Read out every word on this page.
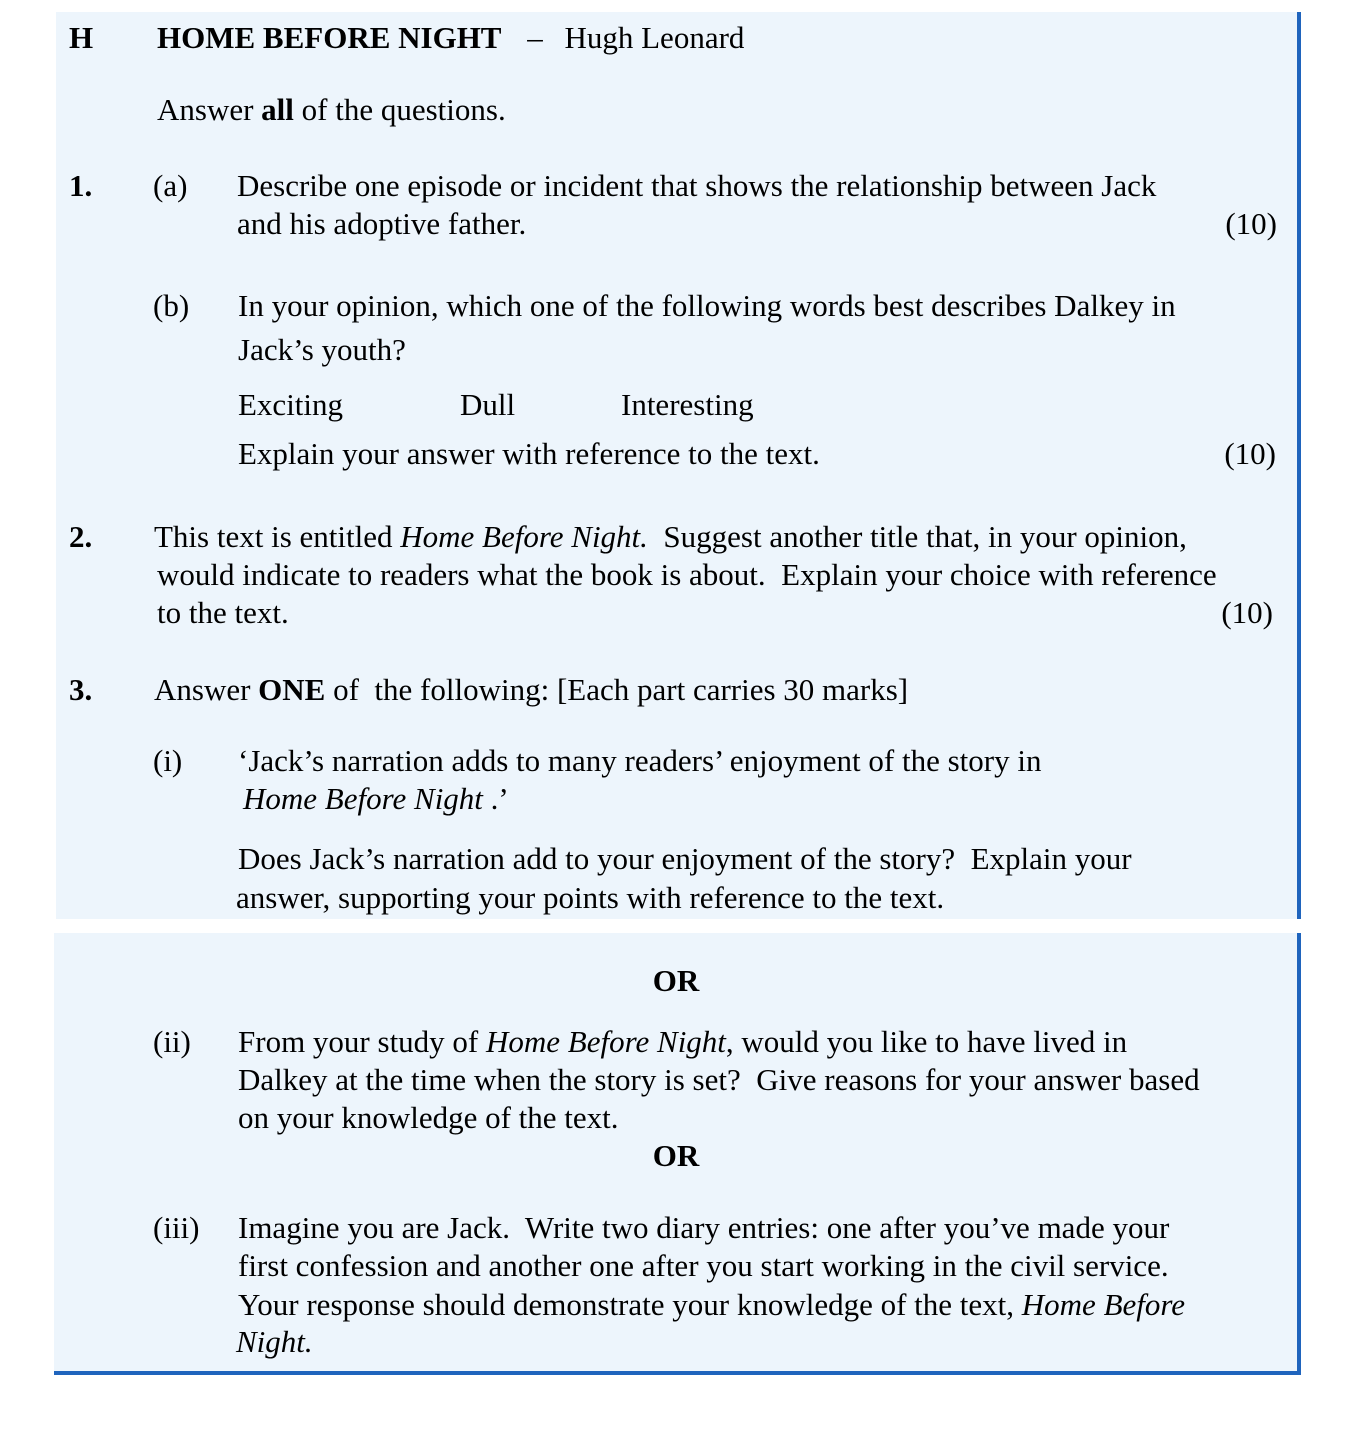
H HOME BEFORE NIGHT – Hugh Leonard
Answer all of the questions.
1. (a) Describe one episode or incident that shows the relationship between Jack
and his adoptive father.	(10)
(b) In your opinion, which one of the following words best describes Dalkey in
Jack’s youth?
Exciting	Dull	Interesting
Explain your answer with reference to the text.	(10)
2. This text is entitled Home Before Night.  Suggest another title that, in your opinion,
would indicate to readers what the book is about.  Explain your choice with reference
to the text.	(10)
3. Answer ONE of  the following: [Each part carries 30 marks]
(i) ‘Jack’s narration adds to many readers’ enjoyment of the story in
Home Before Night .’
Does Jack’s narration add to your enjoyment of the story?  Explain your
answer, supporting your points with reference to the text.
OR
(ii) From your study of Home Before Night, would you like to have lived in
Dalkey at the time when the story is set?  Give reasons for your answer based
on your knowledge of the text.
OR
(iii) Imagine you are Jack.  Write two diary entries: one after you’ve made your
first confession and another one after you start working in the civil service.
Your response should demonstrate your knowledge of the text, Home Before
Night.
